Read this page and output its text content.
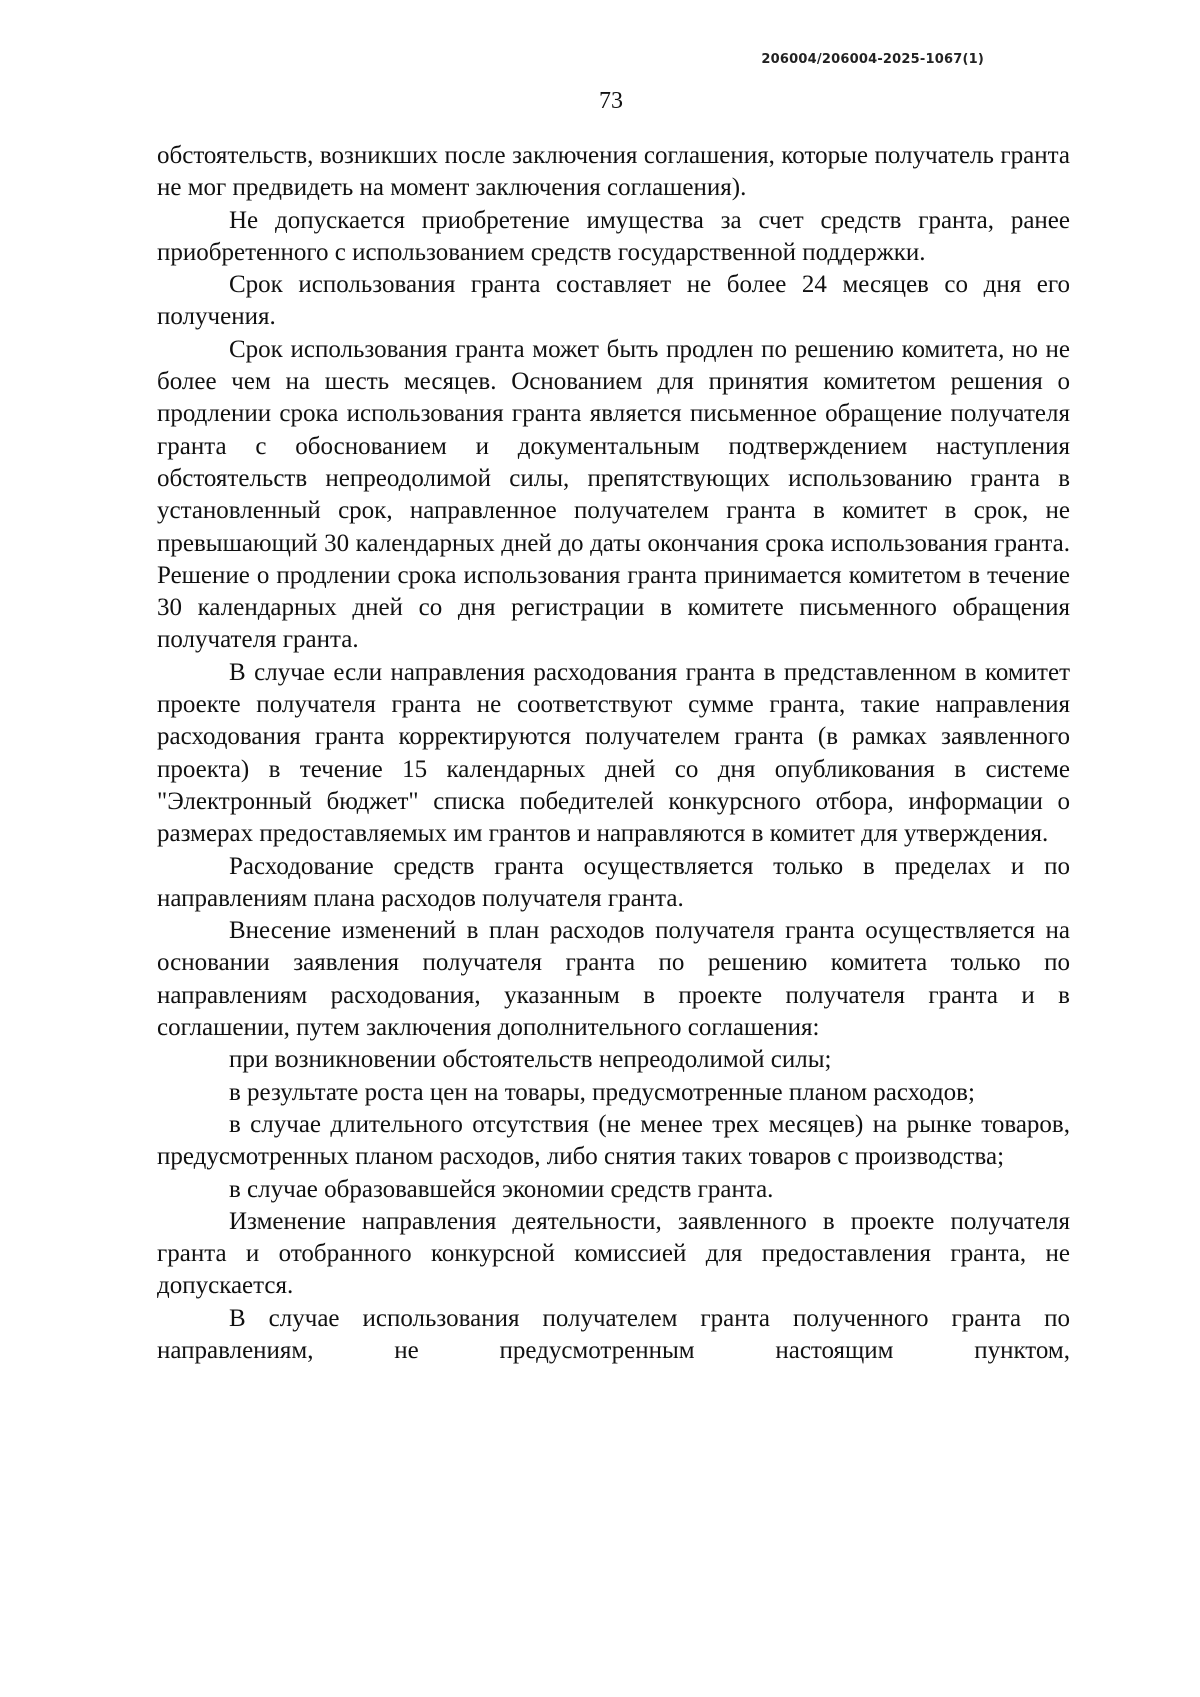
206004/206004-2025-1067(1)
73

обстоятельств, возникших после заключения соглашения, которые получатель гранта не мог предвидеть на момент заключения соглашения).

Не допускается приобретение имущества за счет средств гранта, ранее приобретенного с использованием средств государственной поддержки.

Срок использования гранта составляет не более 24 месяцев со дня его получения.

Срок использования гранта может быть продлен по решению комитета, но не более чем на шесть месяцев. Основанием для принятия комитетом решения о продлении срока использования гранта является письменное обращение получателя гранта с обоснованием и документальным подтверждением наступления обстоятельств непреодолимой силы, препятствующих использованию гранта в установленный срок, направленное получателем гранта в комитет в срок, не превышающий 30 календарных дней до даты окончания срока использования гранта. Решение о продлении срока использования гранта принимается комитетом в течение 30 календарных дней со дня регистрации в комитете письменного обращения получателя гранта.

В случае если направления расходования гранта в представленном в комитет проекте получателя гранта не соответствуют сумме гранта, такие направления расходования гранта корректируются получателем гранта (в рамках заявленного проекта) в течение 15 календарных дней со дня опубликования в системе "Электронный бюджет" списка победителей конкурсного отбора, информации о размерах предоставляемых им грантов и направляются в комитет для утверждения.

Расходование средств гранта осуществляется только в пределах и по направлениям плана расходов получателя гранта.

Внесение изменений в план расходов получателя гранта осуществляется на основании заявления получателя гранта по решению комитета только по направлениям расходования, указанным в проекте получателя гранта и в соглашении, путем заключения дополнительного соглашения:

при возникновении обстоятельств непреодолимой силы;

в результате роста цен на товары, предусмотренные планом расходов;

в случае длительного отсутствия (не менее трех месяцев) на рынке товаров, предусмотренных планом расходов, либо снятия таких товаров с производства;

в случае образовавшейся экономии средств гранта.

Изменение направления деятельности, заявленного в проекте получателя гранта и отобранного конкурсной комиссией для предоставления гранта, не допускается.

В случае использования получателем гранта полученного гранта по направлениям, не предусмотренным настоящим пунктом,
